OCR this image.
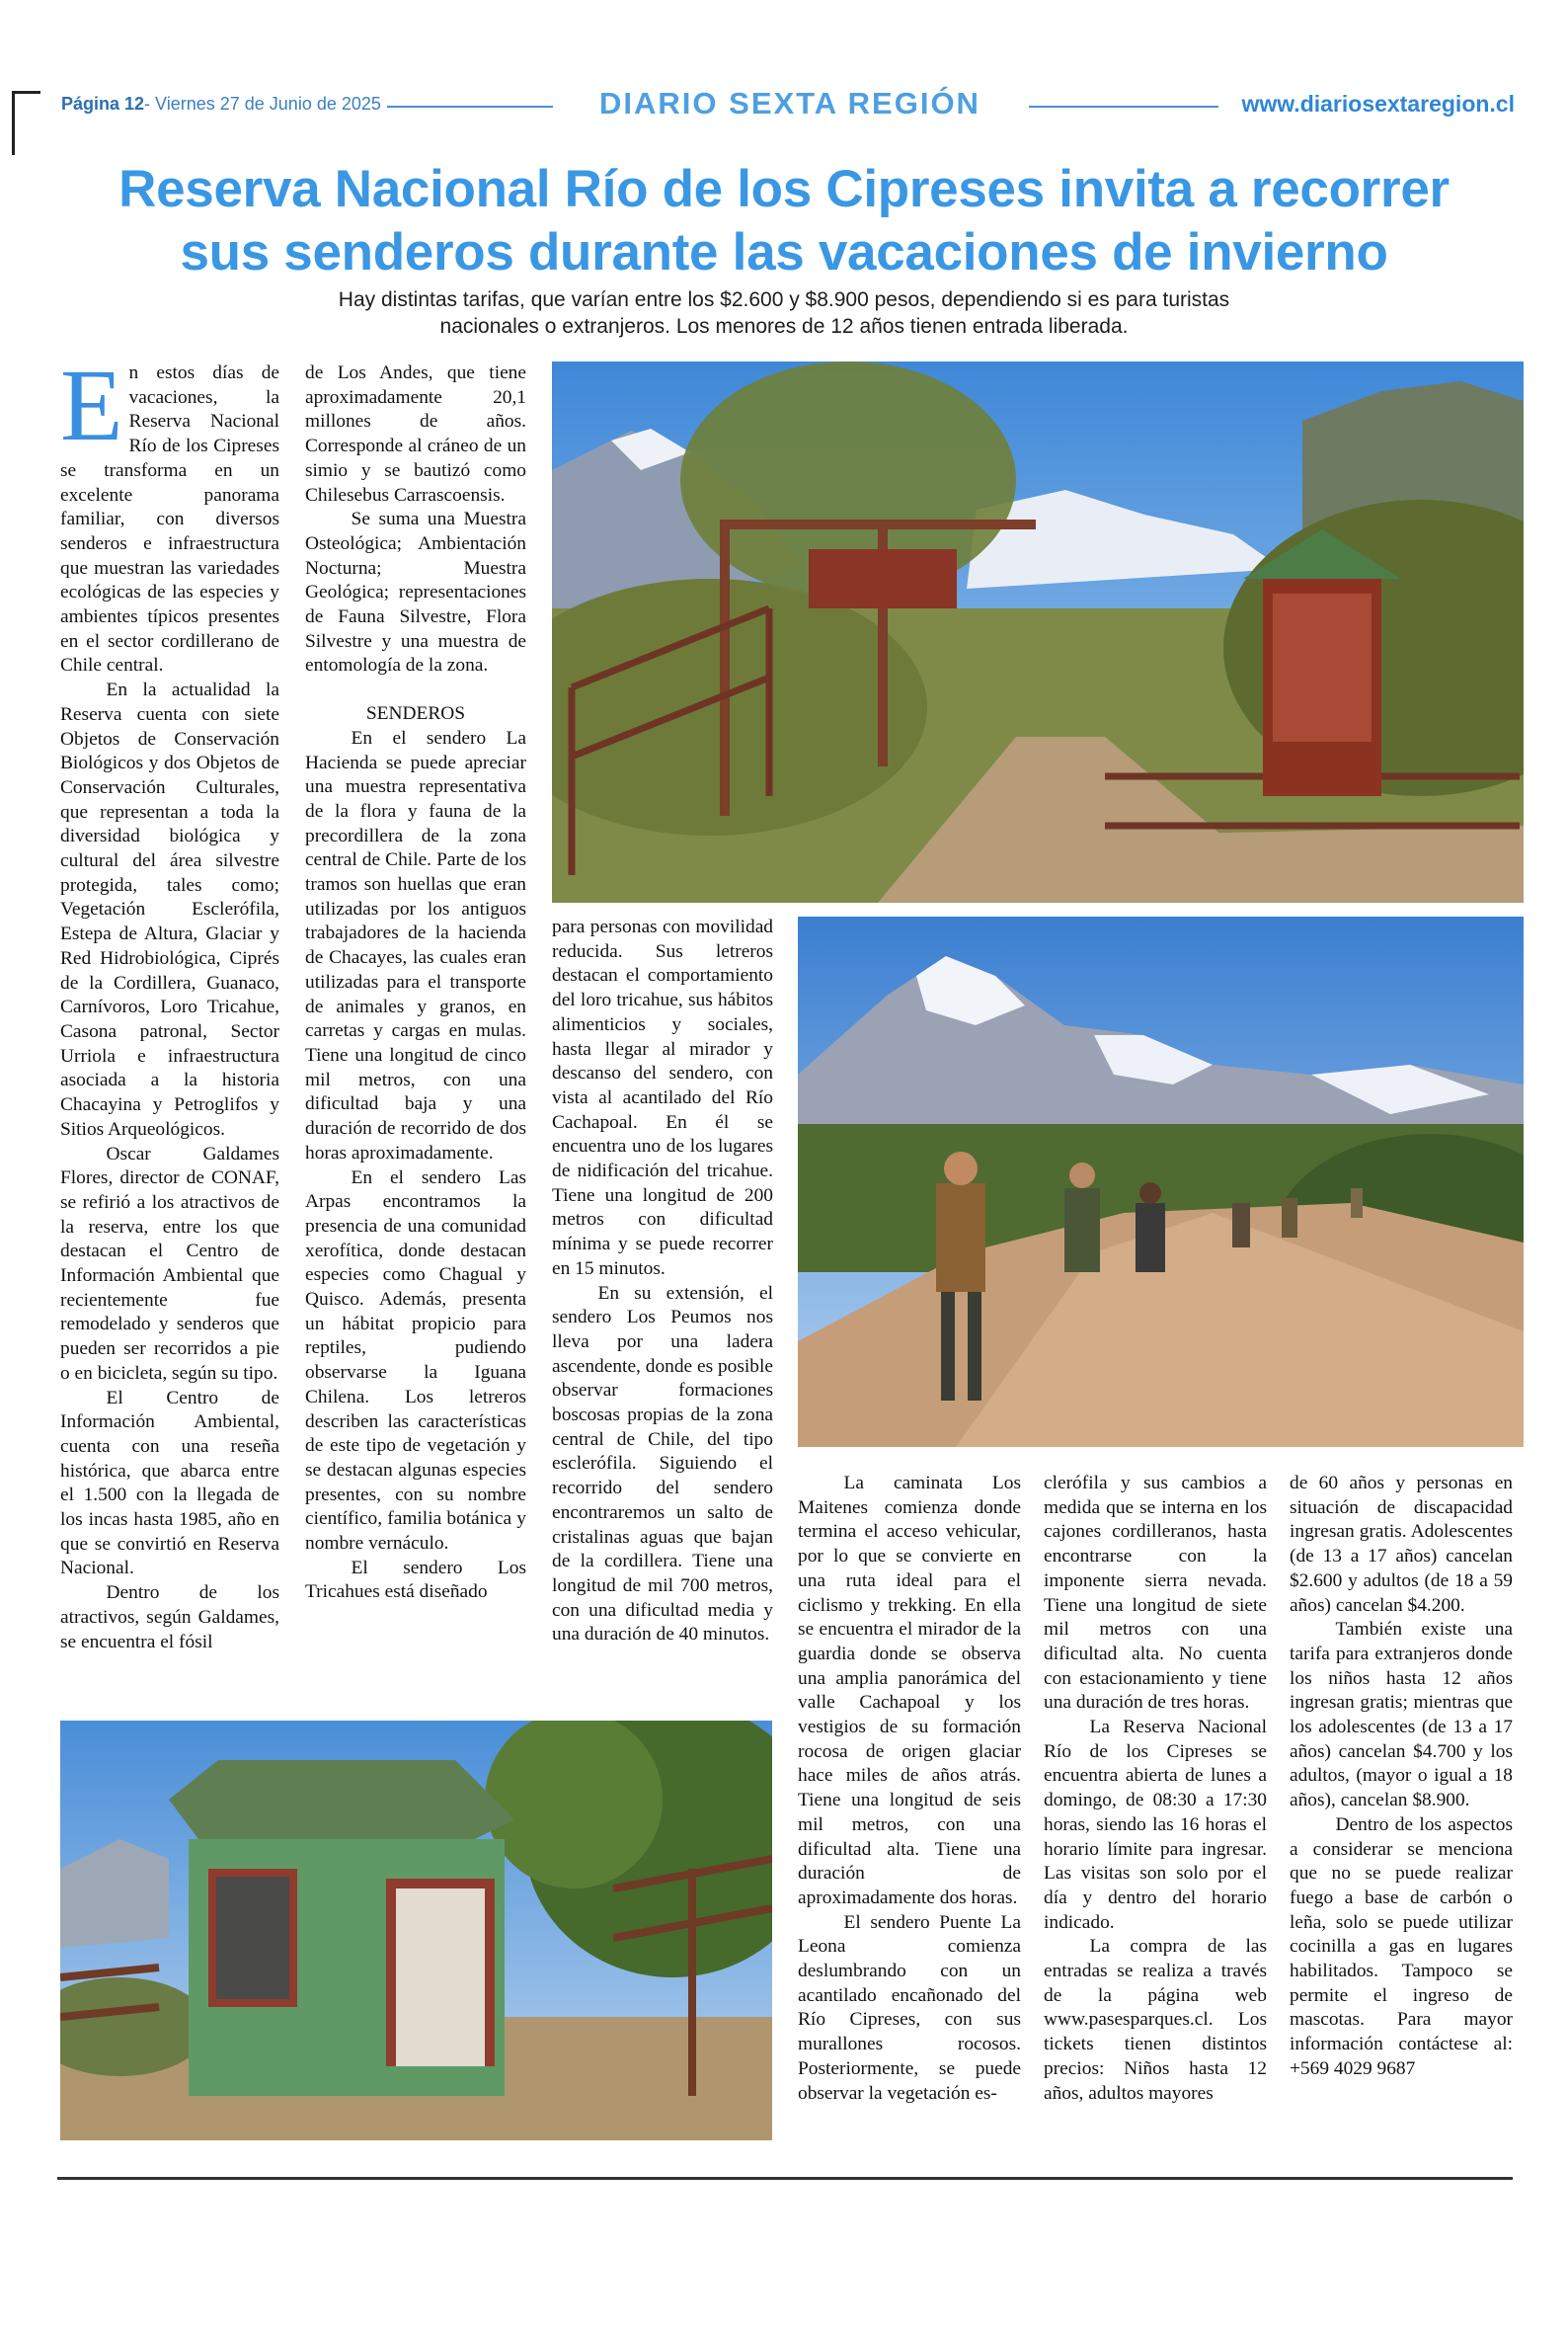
Página 12 - Viernes 27 de Junio de 2025	DIARIO SEXTA REGIÓN	www.diariosextaregion.cl
Reserva Nacional Río de los Cipreses invita a recorrer
sus senderos durante las vacaciones de invierno
Hay distintas tarifas, que varían entre los $2.600 y $8.900 pesos, dependiendo si es para turistas
nacionales o extranjeros. Los menores de 12 años tienen entrada liberada.

En estos días de vacaciones, la Reserva Nacional Río de los Cipreses se transforma en un excelente panorama familiar, con diversos senderos e infraestructura que muestran las variedades ecológicas de las especies y ambientes típicos presentes en el sector cordillerano de Chile central.

En la actualidad la Reserva cuenta con siete Objetos de Conservación Biológicos y dos Objetos de Conservación Culturales, que representan a toda la diversidad biológica y cultural del área silvestre protegida, tales como; Vegetación Esclerófila, Estepa de Altura, Glaciar y Red Hidrobiológica, Ciprés de la Cordillera, Guanaco, Carnívoros, Loro Tricahue, Casona patronal, Sector Urriola e infraestructura asociada a la historia Chacayina y Petroglifos y Sitios Arqueológicos.

Oscar Galdames Flores, director de CONAF, se refirió a los atractivos de la reserva, entre los que destacan el Centro de Información Ambiental que recientemente fue remodelado y senderos que pueden ser recorridos a pie o en bicicleta, según su tipo.

El Centro de Información Ambiental, cuenta con una reseña histórica, que abarca entre el 1.500 con la llegada de los incas hasta 1985, año en que se convirtió en Reserva Nacional.

Dentro de los atractivos, según Galdames, se encuentra el fósil

de Los Andes, que tiene aproximadamente 20,1 millones de años. Corresponde al cráneo de un simio y se bautizó como Chilesebus Carrascoensis.

Se suma una Muestra Osteológica; Ambientación Nocturna; Muestra Geológica; representaciones de Fauna Silvestre, Flora Silvestre y una muestra de entomología de la zona.

SENDEROS

En el sendero La Hacienda se puede apreciar una muestra representativa de la flora y fauna de la precordillera de la zona central de Chile. Parte de los tramos son huellas que eran utilizadas por los antiguos trabajadores de la hacienda de Chacayes, las cuales eran utilizadas para el transporte de animales y granos, en carretas y cargas en mulas. Tiene una longitud de cinco mil metros, con una dificultad baja y una duración de recorrido de dos horas aproximadamente.

En el sendero Las Arpas encontramos la presencia de una comunidad xerofítica, donde destacan especies como Chagual y Quisco. Además, presenta un hábitat propicio para reptiles, pudiendo observarse la Iguana Chilena. Los letreros describen las características de este tipo de vegetación y se destacan algunas especies presentes, con su nombre científico, familia botánica y nombre vernáculo.

El sendero Los Tricahues está diseñado

para personas con movilidad reducida. Sus letreros destacan el comportamiento del loro tricahue, sus hábitos alimenticios y sociales, hasta llegar al mirador y descanso del sendero, con vista al acantilado del Río Cachapoal. En él se encuentra uno de los lugares de nidificación del tricahue. Tiene una longitud de 200 metros con dificultad mínima y se puede recorrer en 15 minutos.

En su extensión, el sendero Los Peumos nos lleva por una ladera ascendente, donde es posible observar formaciones boscosas propias de la zona central de Chile, del tipo esclerófila. Siguiendo el recorrido del sendero encontraremos un salto de cristalinas aguas que bajan de la cordillera. Tiene una longitud de mil 700 metros, con una dificultad media y una duración de 40 minutos.

La caminata Los Maitenes comienza donde termina el acceso vehicular, por lo que se convierte en una ruta ideal para el ciclismo y trekking. En ella se encuentra el mirador de la guardia donde se observa una amplia panorámica del valle Cachapoal y los vestigios de su formación rocosa de origen glaciar hace miles de años atrás. Tiene una longitud de seis mil metros, con una dificultad alta. Tiene una duración de aproximadamente dos horas.

El sendero Puente La Leona comienza deslumbrando con un acantilado encañonado del Río Cipreses, con sus murallones rocosos. Posteriormente, se puede observar la vegetación es-

clerófila y sus cambios a medida que se interna en los cajones cordilleranos, hasta encontrarse con la imponente sierra nevada. Tiene una longitud de siete mil metros con una dificultad alta. No cuenta con estacionamiento y tiene una duración de tres horas.

La Reserva Nacional Río de los Cipreses se encuentra abierta de lunes a domingo, de 08:30 a 17:30 horas, siendo las 16 horas el horario límite para ingresar. Las visitas son solo por el día y dentro del horario indicado.

La compra de las entradas se realiza a través de la página web www.pasesparques.cl. Los tickets tienen distintos precios: Niños hasta 12 años, adultos mayores

de 60 años y personas en situación de discapacidad ingresan gratis. Adolescentes (de 13 a 17 años) cancelan $2.600 y adultos (de 18 a 59 años) cancelan $4.200.

También existe una tarifa para extranjeros donde los niños hasta 12 años ingresan gratis; mientras que los adolescentes (de 13 a 17 años) cancelan $4.700 y los adultos, (mayor o igual a 18 años), cancelan $8.900.

Dentro de los aspectos a considerar se menciona que no se puede realizar fuego a base de carbón o leña, solo se puede utilizar cocinilla a gas en lugares habilitados. Tampoco se permite el ingreso de mascotas. Para mayor información contáctese al: +569 4029 9687
